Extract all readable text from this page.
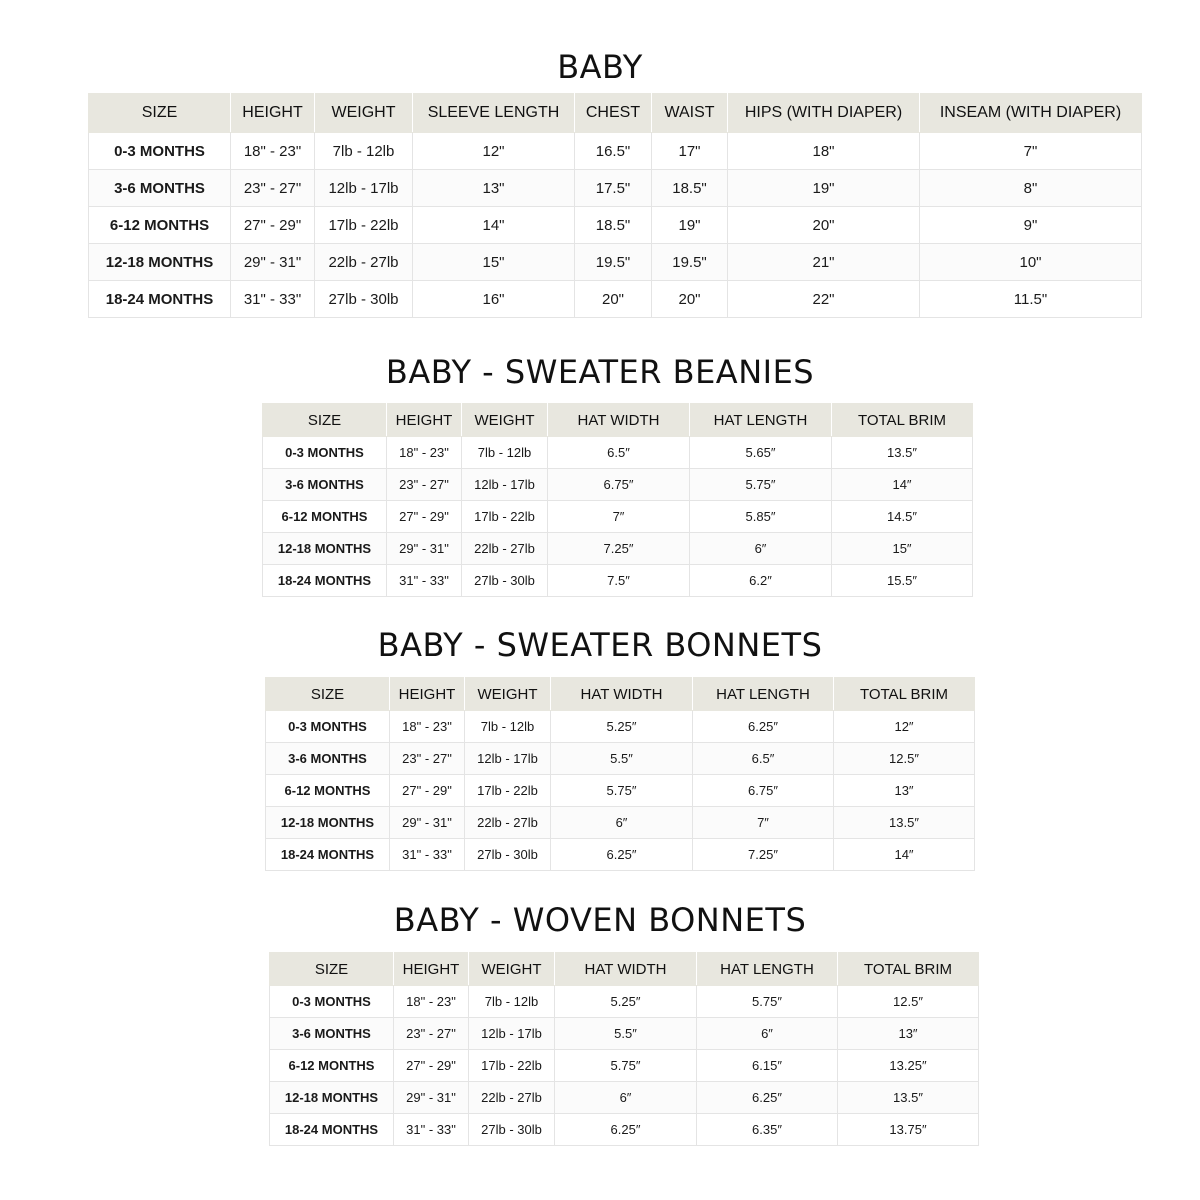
BABY
SIZE	HEIGHT	WEIGHT	SLEEVE LENGTH	CHEST	WAIST	HIPS (WITH DIAPER)	INSEAM (WITH DIAPER)
0-3 MONTHS	18" - 23"	7lb - 12lb	12"	16.5"	17"	18"	7"
3-6 MONTHS	23" - 27"	12lb - 17lb	13"	17.5"	18.5"	19"	8"
6-12 MONTHS	27" - 29"	17lb - 22lb	14"	18.5"	19"	20"	9"
12-18 MONTHS	29" - 31"	22lb - 27lb	15"	19.5"	19.5"	21"	10"
18-24 MONTHS	31" - 33"	27lb - 30lb	16"	20"	20"	22"	11.5"
BABY - SWEATER BEANIES
SIZE	HEIGHT	WEIGHT	HAT WIDTH	HAT LENGTH	TOTAL BRIM
0-3 MONTHS	18" - 23"	7lb - 12lb	6.5″	5.65″	13.5″
3-6 MONTHS	23" - 27"	12lb - 17lb	6.75″	5.75″	14″
6-12 MONTHS	27" - 29"	17lb - 22lb	7″	5.85″	14.5″
12-18 MONTHS	29" - 31"	22lb - 27lb	7.25″	6″	15″
18-24 MONTHS	31" - 33"	27lb - 30lb	7.5″	6.2″	15.5″
BABY - SWEATER BONNETS
SIZE	HEIGHT	WEIGHT	HAT WIDTH	HAT LENGTH	TOTAL BRIM
0-3 MONTHS	18" - 23"	7lb - 12lb	5.25″	6.25″	12″
3-6 MONTHS	23" - 27"	12lb - 17lb	5.5″	6.5″	12.5″
6-12 MONTHS	27" - 29"	17lb - 22lb	5.75″	6.75″	13″
12-18 MONTHS	29" - 31"	22lb - 27lb	6″	7″	13.5″
18-24 MONTHS	31" - 33"	27lb - 30lb	6.25″	7.25″	14″
BABY - WOVEN BONNETS
SIZE	HEIGHT	WEIGHT	HAT WIDTH	HAT LENGTH	TOTAL BRIM
0-3 MONTHS	18" - 23"	7lb - 12lb	5.25″	5.75″	12.5″
3-6 MONTHS	23" - 27"	12lb - 17lb	5.5″	6″	13″
6-12 MONTHS	27" - 29"	17lb - 22lb	5.75″	6.15″	13.25″
12-18 MONTHS	29" - 31"	22lb - 27lb	6″	6.25″	13.5″
18-24 MONTHS	31" - 33"	27lb - 30lb	6.25″	6.35″	13.75″
